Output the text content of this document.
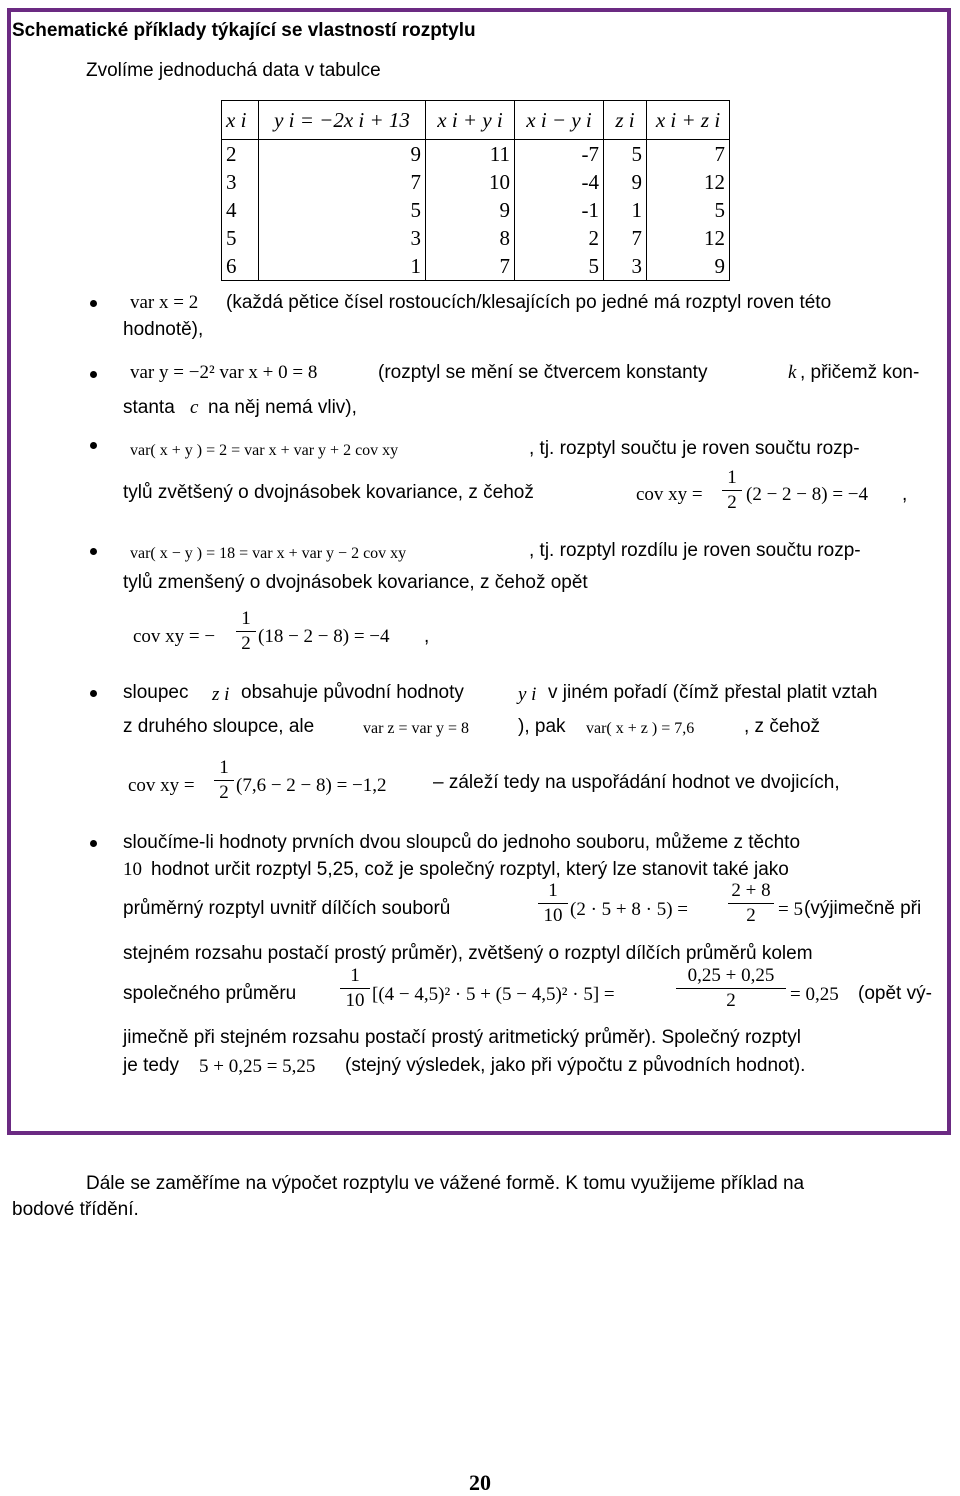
Schematické příklady týkající se vlastností rozptylu
Zvolíme jednoduchá data v tabulce
x i	y i = −2x i + 13	x i + y i	x i − y i	z i	x i + z i
2	9	11	-7	5	7
3	7	10	-4	9	12
4	5	9	-1	1	5
5	3	8	2	7	12
6	1	7	5	3	9
var x = 2 (každá pětice čísel rostoucích/klesajících po jedné má rozptyl roven této
hodnotě),
var y = −2² var x + 0 = 8	(rozptyl se mění se čtvercem konstanty	k , přičemž kon-
stanta c na něj nemá vliv),
var( x + y ) = 2 = var x + var y + 2 cov xy	, tj. rozptyl součtu je roven součtu rozp-
tylů zvětšený o dvojnásobek kovariance, z čehož	cov xy =
1
2 (2 − 2 − 8) = −4 ,
var( x − y ) = 18 = var x + var y − 2 cov xy	, tj. rozptyl rozdílu je roven součtu rozp-
tylů zmenšený o dvojnásobek kovariance, z čehož opět
cov xy = −
1
2 (18 − 2 − 8) = −4 ,
sloupec z i obsahuje původní hodnoty	y i v jiném pořadí (čímž přestal platit vztah
z druhého sloupce, ale	var z = var y = 8	), pak var( x + z ) = 7,6	, z čehož
cov xy =
1
2 (7,6 − 2 − 8) = −1,2 – záleží tedy na uspořádání hodnot ve dvojicích,
sloučíme-li hodnoty prvních dvou sloupců do jednoho souboru, můžeme z těchto
10 hodnot určit rozptyl 5,25, což je společný rozptyl, který lze stanovit také jako
průměrný rozptyl uvnitř dílčích souborů
1
10 (2 · 5 + 8 · 5) =
2 + 8
2	= 5 (výjimečně při
stejném rozsahu postačí prostý průměr), zvětšený o rozptyl dílčích průměrů kolem
společného průměru
1
10 [(4 − 4,5)² · 5 + (5 − 4,5)² · 5] =
0,25 + 0,25
2	= 0,25 (opět vý-
jimečně při stejném rozsahu postačí prostý aritmetický průměr). Společný rozptyl
je tedy 5 + 0,25 = 5,25 (stejný výsledek, jako při výpočtu z původních hodnot).
Dále se zaměříme na výpočet rozptylu ve vážené formě. K tomu využijeme příklad na
bodové třídění.
20
